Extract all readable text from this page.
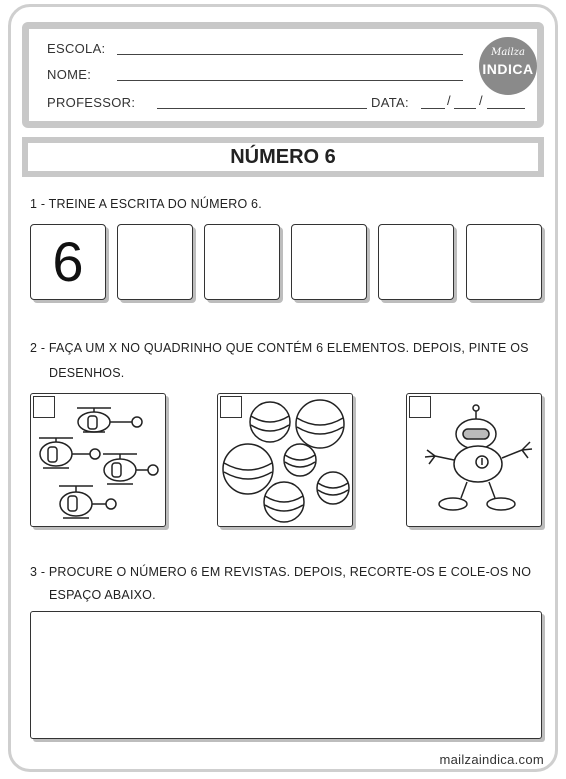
ESCOLA:
NOME:
PROFESSOR:	DATA:	/ /
Mailza
INDICA
NÚMERO 6
1 - TREINE A ESCRITA DO NÚMERO 6.
6
2 - FAÇA UM X NO QUADRINHO QUE CONTÉM 6 ELEMENTOS. DEPOIS, PINTE OS
DESENHOS.
3 - PROCURE O NÚMERO 6 EM REVISTAS. DEPOIS, RECORTE-OS E COLE-OS NO
ESPAÇO ABAIXO.
mailzaindica.com
